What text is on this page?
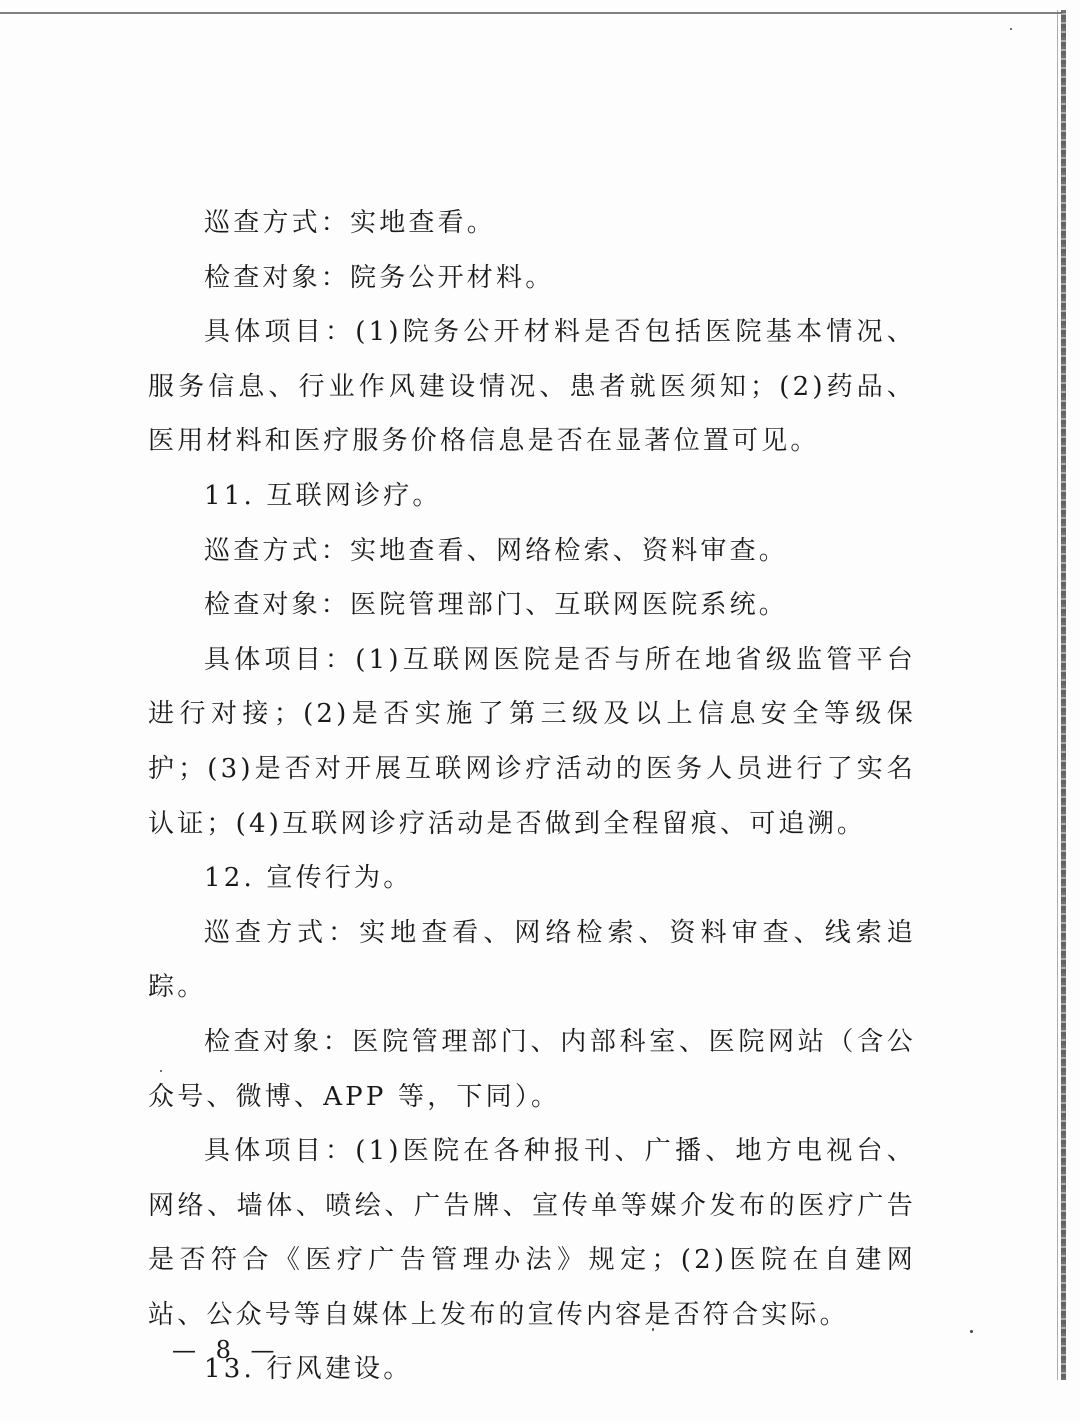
巡查方式：实地查看。

检查对象：院务公开材料。

具体项目：(1)院务公开材料是否包括医院基本情况、服务信息、行业作风建设情况、患者就医须知；(2)药品、医用材料和医疗服务价格信息是否在显著位置可见。

11. 互联网诊疗。

巡查方式：实地查看、网络检索、资料审查。

检查对象：医院管理部门、互联网医院系统。

具体项目：(1)互联网医院是否与所在地省级监管平台进行对接；(2)是否实施了第三级及以上信息安全等级保护；(3)是否对开展互联网诊疗活动的医务人员进行了实名认证；(4)互联网诊疗活动是否做到全程留痕、可追溯。

12. 宣传行为。

巡查方式：实地查看、网络检索、资料审查、线索追踪。

检查对象：医院管理部门、内部科室、医院网站（含公众号、微博、APP 等，下同）。

具体项目：(1)医院在各种报刊、广播、地方电视台、网络、墙体、喷绘、广告牌、宣传单等媒介发布的医疗广告是否符合《医疗广告管理办法》规定；(2)医院在自建网站、公众号等自媒体上发布的宣传内容是否符合实际。

13. 行风建设。

— 8 —
